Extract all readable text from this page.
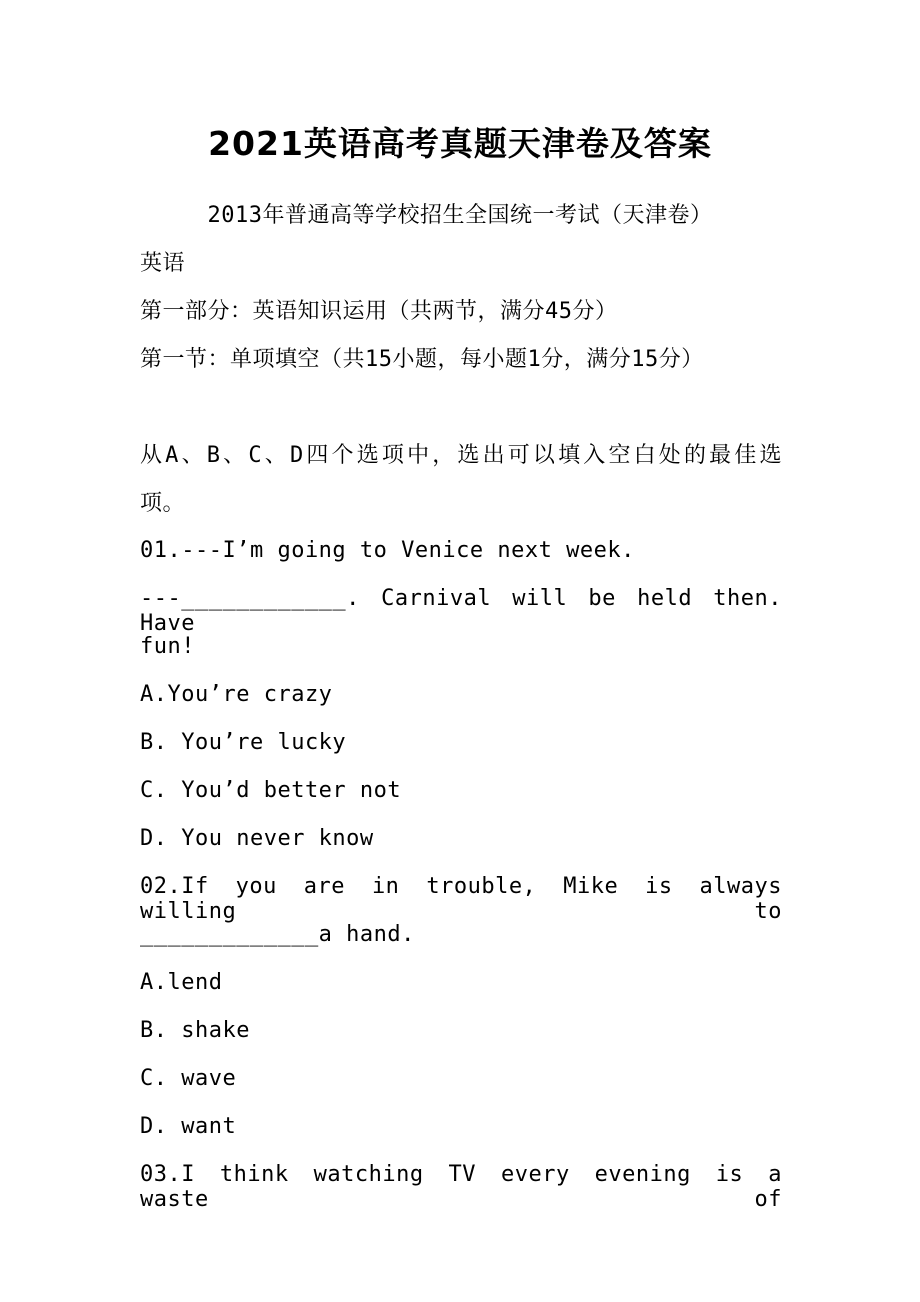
2021英语高考真题天津卷及答案
2013年普通高等学校招生全国统一考试（天津卷）
英语
第一部分：英语知识运用（共两节，满分45分）
第一节：单项填空（共15小题，每小题1分，满分15分）
从A、B、C、D四个选项中，选出可以填入空白处的最佳选
项。
01.---I’m going to Venice next week.
---____________. Carnival will be held then. Have
fun!
A.You’re crazy
B. You’re lucky
C. You’d better not
D. You never know
02.If you are in trouble, Mike is always willing to
_____________a hand.
A.lend
B. shake
C. wave
D. want
03.I think watching TV every evening is a waste of
